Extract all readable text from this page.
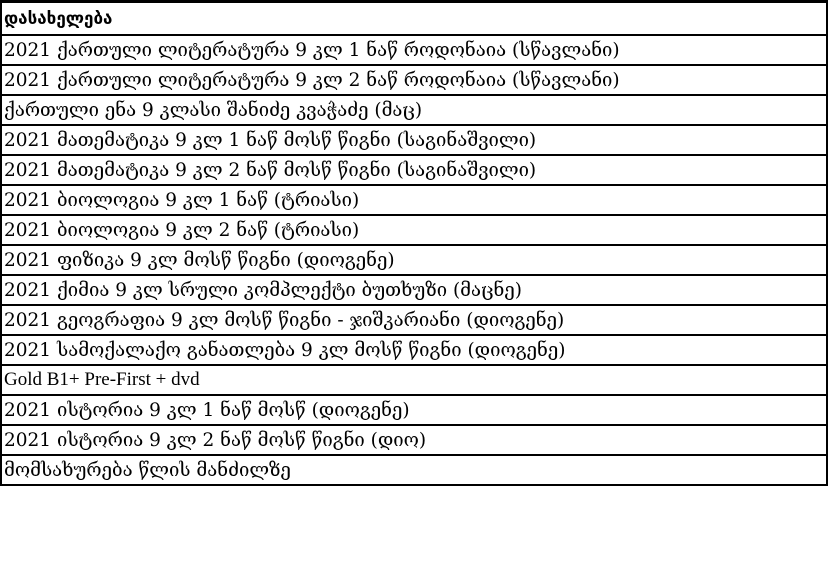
დასახელება
2021 ქართული ლიტერატურა 9 კლ 1 ნაწ როდონაია (სწავლანი)
2021 ქართული ლიტერატურა 9 კლ 2 ნაწ როდონაია (სწავლანი)
ქართული ენა 9 კლასი შანიძე კვაჭაძე (მაც)
2021 მათემატიკა 9 კლ 1 ნაწ მოსწ წიგნი (საგინაშვილი)
2021 მათემატიკა 9 კლ 2 ნაწ მოსწ წიგნი (საგინაშვილი)
2021 ბიოლოგია 9 კლ 1 ნაწ (ტრიასი)
2021 ბიოლოგია 9 კლ 2 ნაწ (ტრიასი)
2021 ფიზიკა 9 კლ მოსწ წიგნი (დიოგენე)
2021 ქიმია 9 კლ სრული კომპლექტი ბუთხუზი (მაცნე)
2021 გეოგრაფია 9 კლ მოსწ წიგნი - ჯიშკარიანი (დიოგენე)
2021 სამოქალაქო განათლება 9 კლ მოსწ წიგნი (დიოგენე)
Gold B1+ Pre-First + dvd
2021 ისტორია 9 კლ 1 ნაწ მოსწ (დიოგენე)
2021 ისტორია 9 კლ 2 ნაწ მოსწ წიგნი (დიო)
მომსახურება წლის მანძილზე
